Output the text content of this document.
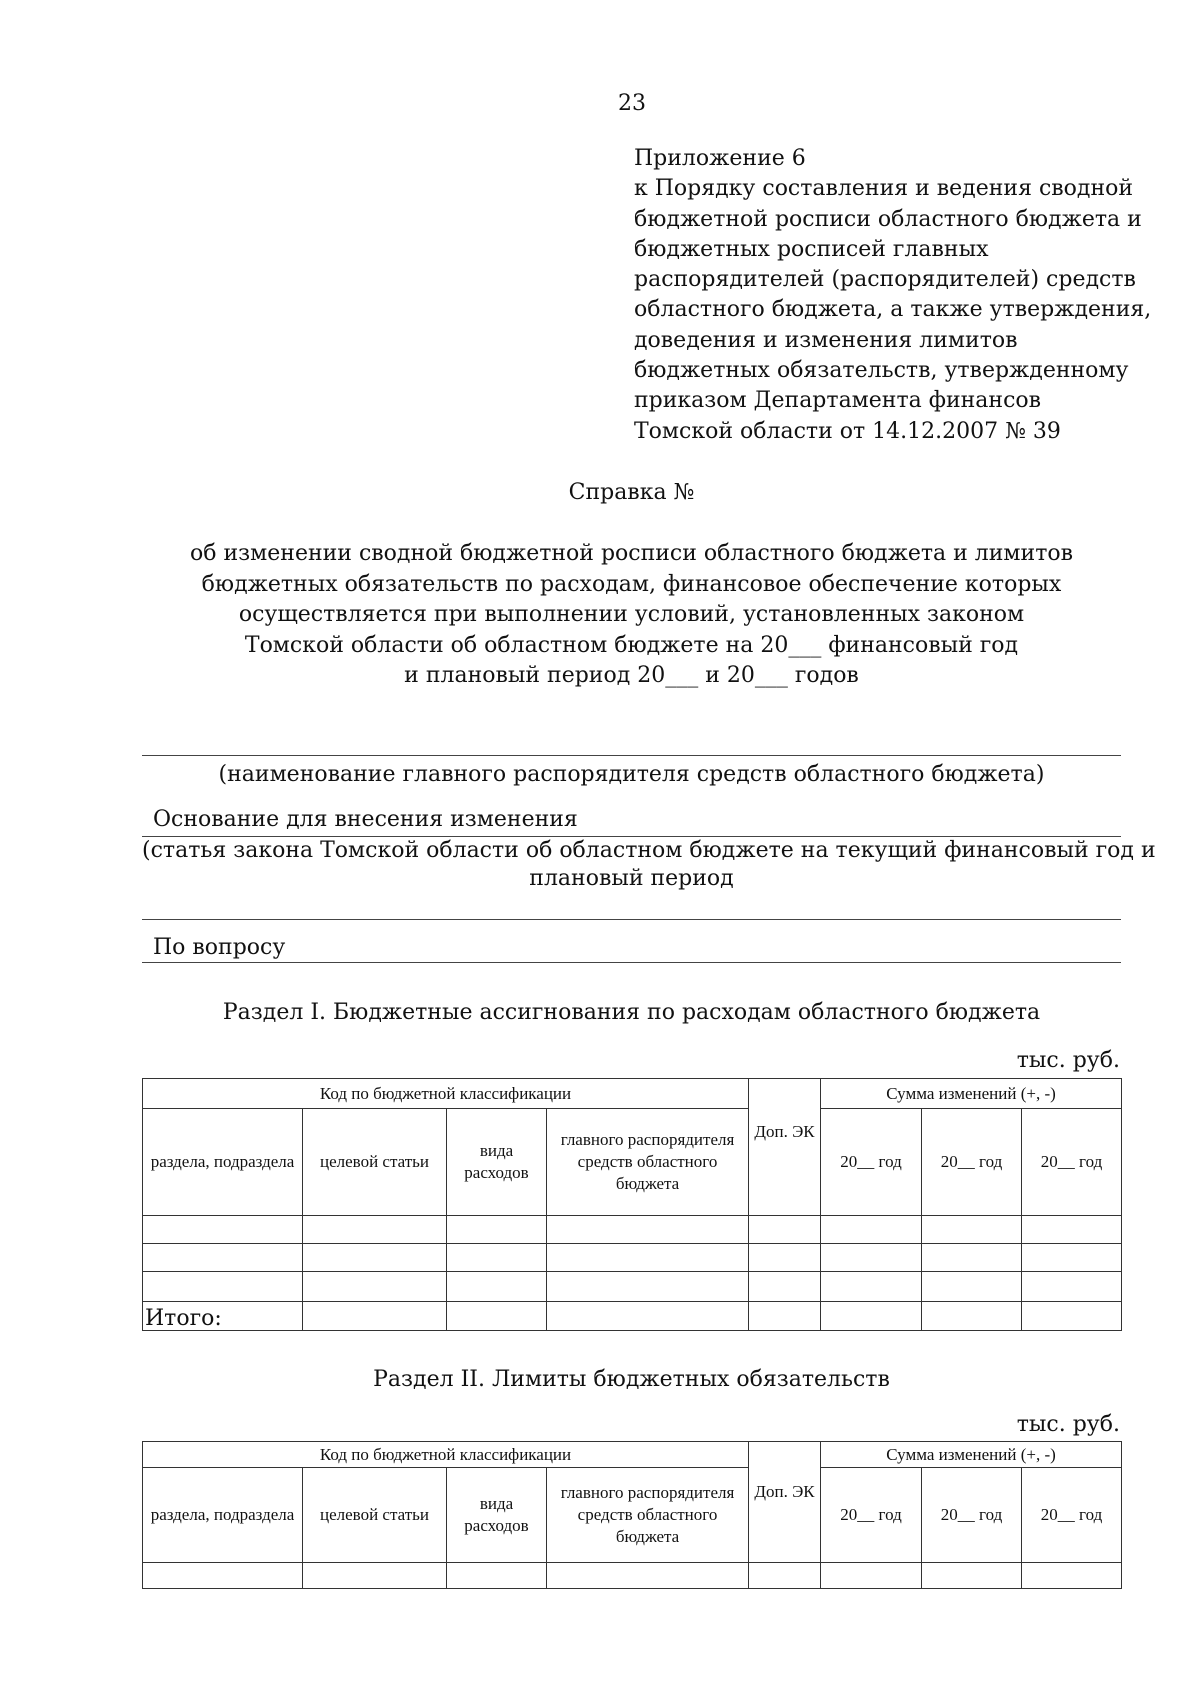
23
Приложение 6
к Порядку составления и ведения сводной
бюджетной росписи областного бюджета и
бюджетных росписей главных
распорядителей (распорядителей) средств
областного бюджета, а также утверждения,
доведения и изменения лимитов
бюджетных обязательств, утвержденному
приказом Департамента финансов
Томской области от 14.12.2007 № 39
Справка №
об изменении сводной бюджетной росписи областного бюджета и лимитов
бюджетных обязательств по расходам, финансовое обеспечение которых
осуществляется при выполнении условий, установленных законом
Томской области об областном бюджете на 20___ финансовый год
и плановый период 20___ и 20___ годов
(наименование главного распорядителя средств областного бюджета)
Основание для внесения изменения
(статья закона Томской области об областном бюджете на текущий финансовый год и
плановый период
По вопросу
Раздел I. Бюджетные ассигнования по расходам областного бюджета
тыс. руб.
Код по бюджетной классификации				Доп. ЭК	Сумма изменений (+, -)		
раздела, подраздела	целевой статьи	вида расходов	главного распорядителя средств областного бюджета		20__ год	20__ год	20__ год

Итого:							
Раздел II. Лимиты бюджетных обязательств
тыс. руб.
Код по бюджетной классификации				Доп. ЭК	Сумма изменений (+, -)		
раздела, подраздела	целевой статьи	вида расходов	главного распорядителя средств областного бюджета		20__ год	20__ год	20__ год
